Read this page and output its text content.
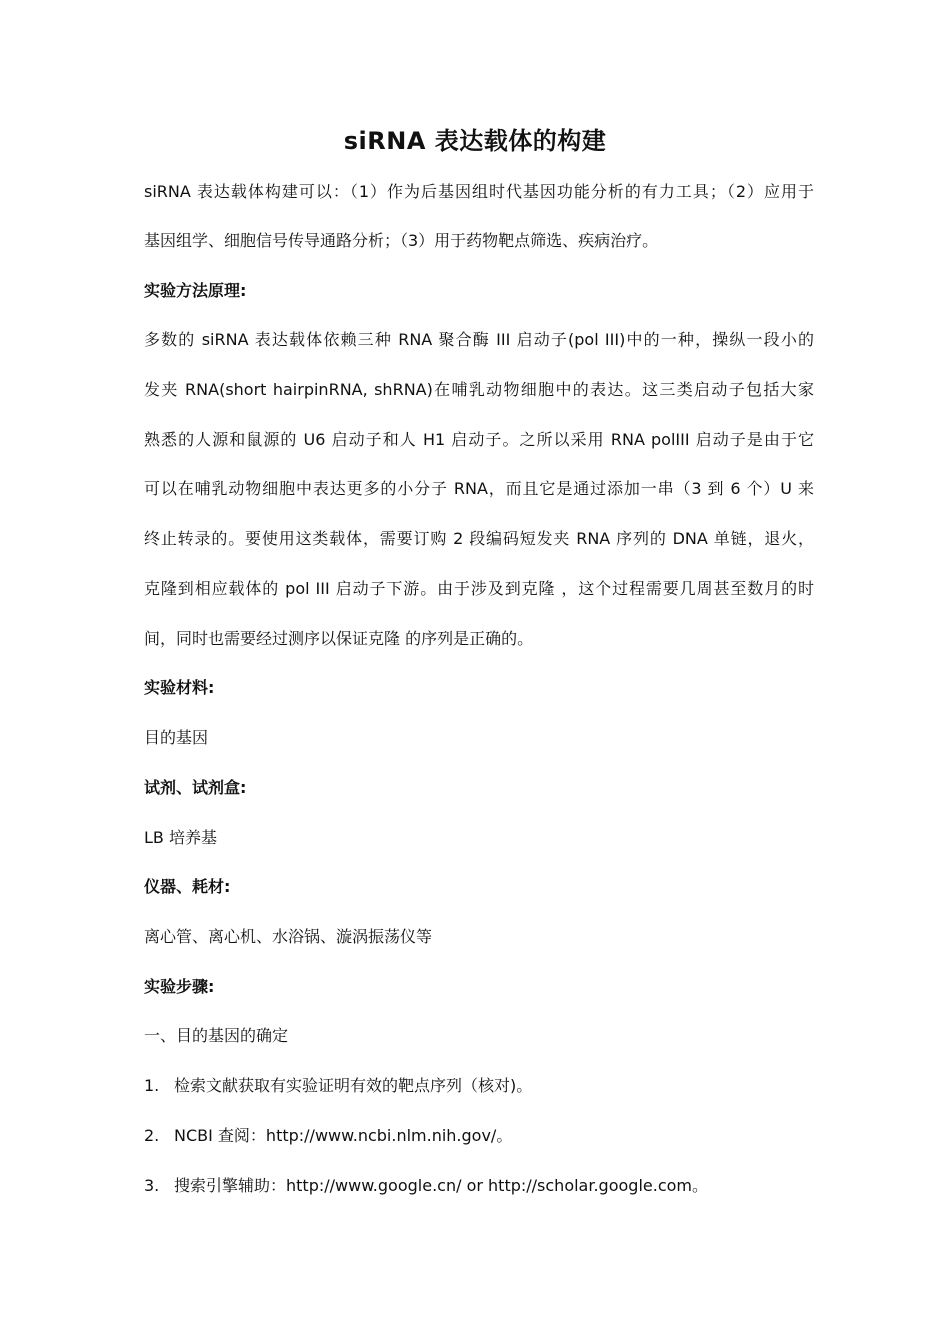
siRNA 表达载体的构建
siRNA 表达载体构建可以：（1）作为后基因组时代基因功能分析的有力工具；（2）应用于
基因组学、细胞信号传导通路分析；（3）用于药物靶点筛选、疾病治疗。
实验方法原理:
多数的 siRNA 表达载体依赖三种 RNA 聚合酶 III 启动子(pol III)中的一种，操纵一段小的
发夹 RNA(short hairpinRNA, shRNA)在哺乳动物细胞中的表达。这三类启动子包括大家
熟悉的人源和鼠源的 U6 启动子和人 H1 启动子。之所以采用 RNA polIII 启动子是由于它
可以在哺乳动物细胞中表达更多的小分子 RNA，而且它是通过添加一串（3 到 6 个）U 来
终止转录的。要使用这类载体，需要订购 2 段编码短发夹 RNA 序列的 DNA 单链，退火，
克隆到相应载体的 pol III 启动子下游。由于涉及到克隆 ，这个过程需要几周甚至数月的时
间，同时也需要经过测序以保证克隆 的序列是正确的。
实验材料:
目的基因
试剂、试剂盒:
LB 培养基
仪器、耗材:
离心管、离心机、水浴锅、漩涡振荡仪等
实验步骤:
一、目的基因的确定
1. 检索文献获取有实验证明有效的靶点序列（核对)。
2. NCBI 查阅：http://www.ncbi.nlm.nih.gov/。
3. 搜索引擎辅助：http://www.google.cn/ or http://scholar.google.com。
